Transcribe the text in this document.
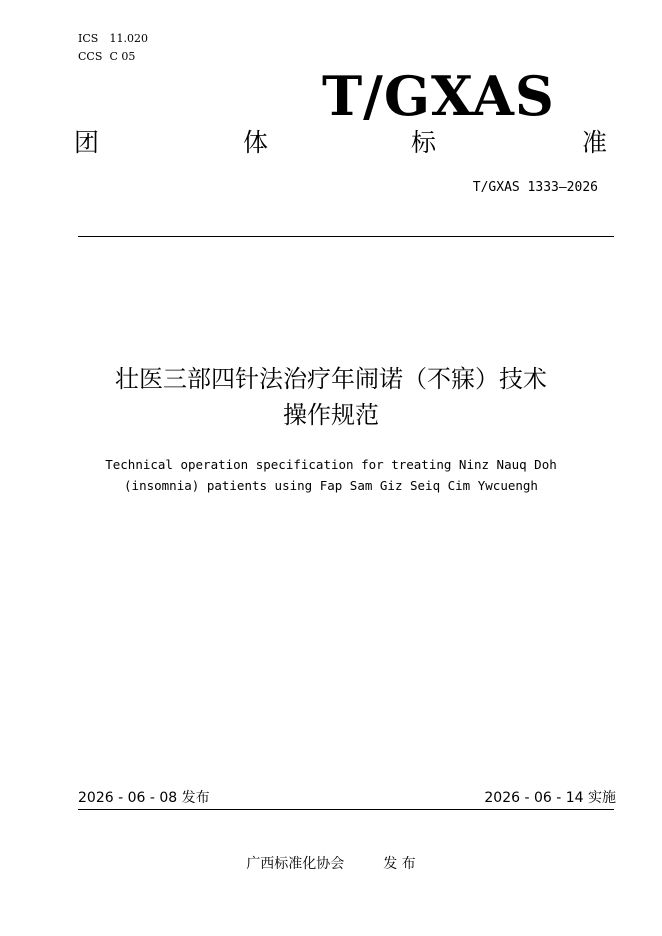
ICS 11.020
CCS C 05
T/GXAS
团	体	标	准
T/GXAS 1333—2026
壮医三部四针法治疗年闹诺（不寐）技术
操作规范
Technical operation specification for treating Ninz Nauq Doh
(insomnia) patients using Fap Sam Giz Seiq Cim Ywcuengh
2026 - 06 - 08 发布	2026 - 06 - 14 实施
广西标准化协会	发 布
